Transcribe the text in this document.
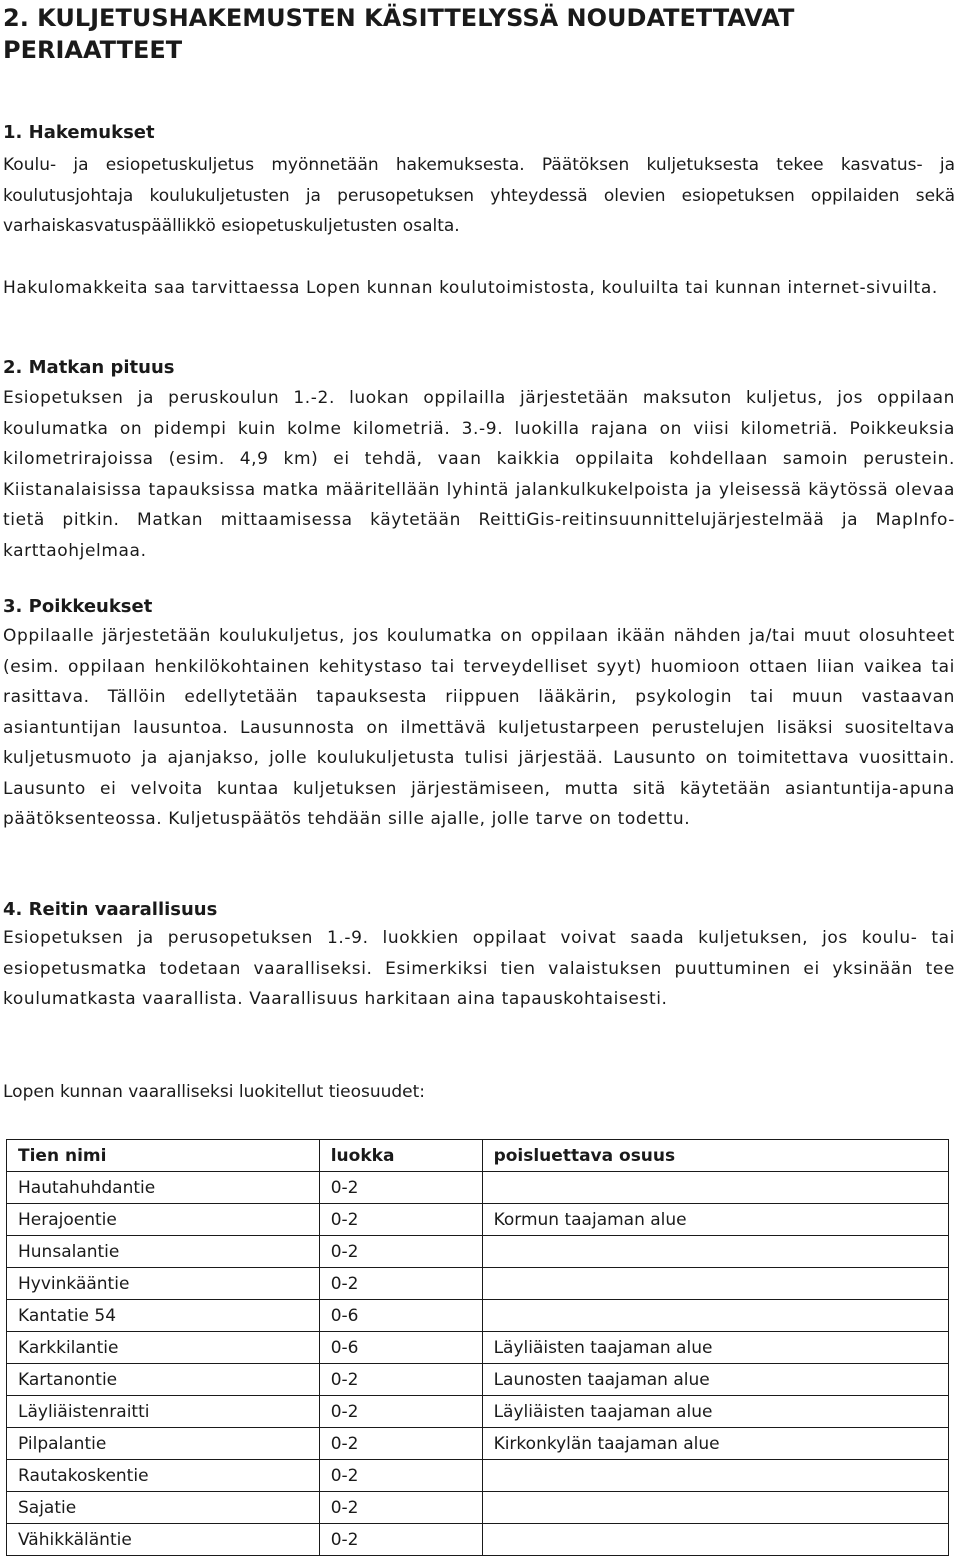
2. KULJETUSHAKEMUSTEN KÄSITTELYSSÄ NOUDATETTAVAT PERIAATTEET
1. Hakemukset

Koulu- ja esiopetuskuljetus myönnetään hakemuksesta. Päätöksen kuljetuksesta tekee kasvatus- ja koulutusjohtaja koulukuljetusten ja perusopetuksen yhteydessä olevien esiopetuksen oppilaiden sekä varhaiskasvatuspäällikkö esiopetuskuljetusten osalta.

Hakulomakkeita saa tarvittaessa Lopen kunnan koulutoimistosta, kouluilta tai kunnan internet-sivuilta.

2. Matkan pituus

Esiopetuksen ja peruskoulun 1.-2. luokan oppilailla järjestetään maksuton kuljetus, jos oppilaan koulumatka on pidempi kuin kolme kilometriä. 3.-9. luokilla rajana on viisi kilometriä. Poikkeuksia kilometrirajoissa (esim. 4,9 km) ei tehdä, vaan kaikkia oppilaita kohdellaan samoin perustein. Kiistanalaisissa tapauksissa matka määritellään lyhintä jalankulkukelpoista ja yleisessä käytössä olevaa tietä pitkin. Matkan mittaamisessa käytetään ReittiGis-reitinsuunnittelujärjestelmää ja MapInfo-karttaohjelmaa.

3. Poikkeukset

Oppilaalle järjestetään koulukuljetus, jos koulumatka on oppilaan ikään nähden ja/tai muut olosuhteet (esim. oppilaan henkilökohtainen kehitystaso tai terveydelliset syyt) huomioon ottaen liian vaikea tai rasittava. Tällöin edellytetään tapauksesta riippuen lääkärin, psykologin tai muun vastaavan asiantuntijan lausuntoa. Lausunnosta on ilmettävä kuljetustarpeen perustelujen lisäksi suositeltava kuljetusmuoto ja ajanjakso, jolle koulukuljetusta tulisi järjestää. Lausunto on toimitettava vuosittain. Lausunto ei velvoita kuntaa kuljetuksen järjestämiseen, mutta sitä käytetään asiantuntija-apuna päätöksenteossa. Kuljetuspäätös tehdään sille ajalle, jolle tarve on todettu.

4. Reitin vaarallisuus

Esiopetuksen ja perusopetuksen 1.-9. luokkien oppilaat voivat saada kuljetuksen, jos koulu- tai esiopetusmatka todetaan vaaralliseksi. Esimerkiksi tien valaistuksen puuttuminen ei yksinään tee koulumatkasta vaarallista. Vaarallisuus harkitaan aina tapauskohtaisesti.

Lopen kunnan vaaralliseksi luokitellut tieosuudet:

Tien nimi	luokka	poisluettava osuus
Hautahuhdantie	0-2	
Herajoentie	0-2	Kormun taajaman alue
Hunsalantie	0-2	
Hyvinkääntie	0-2	
Kantatie 54	0-6	
Karkkilantie	0-6	Läyliäisten taajaman alue
Kartanontie	0-2	Launosten taajaman alue
Läyliäistenraitti	0-2	Läyliäisten taajaman alue
Pilpalantie	0-2	Kirkonkylän taajaman alue
Rautakoskentie	0-2	
Sajatie	0-2	
Vähikkäläntie	0-2	
